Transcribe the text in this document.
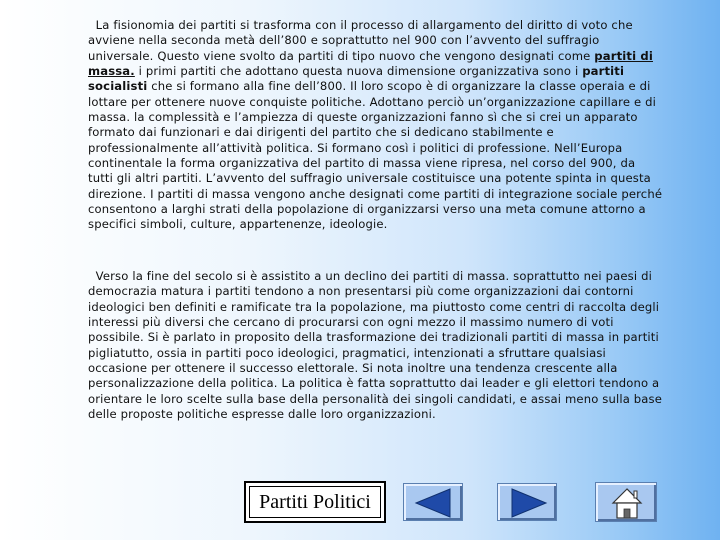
La fisionomia dei partiti si trasforma con il processo di allargamento del diritto di voto che avviene nella seconda metà dell’800 e soprattutto nel 900 con l’avvento del suffragio universale. Questo viene svolto da partiti di tipo nuovo che vengono designati come partiti di massa. i primi partiti che adottano questa nuova dimensione organizzativa sono i partiti socialisti che si formano alla fine dell’800. Il loro scopo è di organizzare la classe operaia e di lottare per ottenere nuove conquiste politiche. Adottano perciò un’organizzazione capillare e di massa. la complessità e l’ampiezza di queste organizzazioni fanno sì che si crei un apparato formato dai funzionari e dai dirigenti del partito che si dedicano stabilmente e professionalmente all’attività politica. Si formano così i politici di professione. Nell’Europa continentale la forma organizzativa del partito di massa viene ripresa, nel corso del 900, da tutti gli altri partiti. L’avvento del suffragio universale costituisce una potente spinta in questa direzione. I partiti di massa vengono anche designati come partiti di integrazione sociale perché consentono a larghi strati della popolazione di organizzarsi verso una meta comune attorno a specifici simboli, culture, appartenenze, ideologie.

Verso la fine del secolo si è assistito a un declino dei partiti di massa. soprattutto nei paesi di democrazia matura i partiti tendono a non presentarsi più come organizzazioni dai contorni ideologici ben definiti e ramificate tra la popolazione, ma piuttosto come centri di raccolta degli interessi più diversi che cercano di procurarsi con ogni mezzo il massimo numero di voti possibile. Si è parlato in proposito della trasformazione dei tradizionali partiti di massa in partiti pigliatutto, ossia in partiti poco ideologici, pragmatici, intenzionati a sfruttare qualsiasi occasione per ottenere il successo elettorale. Si nota inoltre una tendenza crescente alla personalizzazione della politica. La politica è fatta soprattutto dai leader e gli elettori tendono a orientare le loro scelte sulla base della personalità dei singoli candidati, e assai meno sulla base delle proposte politiche espresse dalle loro organizzazioni.

Partiti Politici
